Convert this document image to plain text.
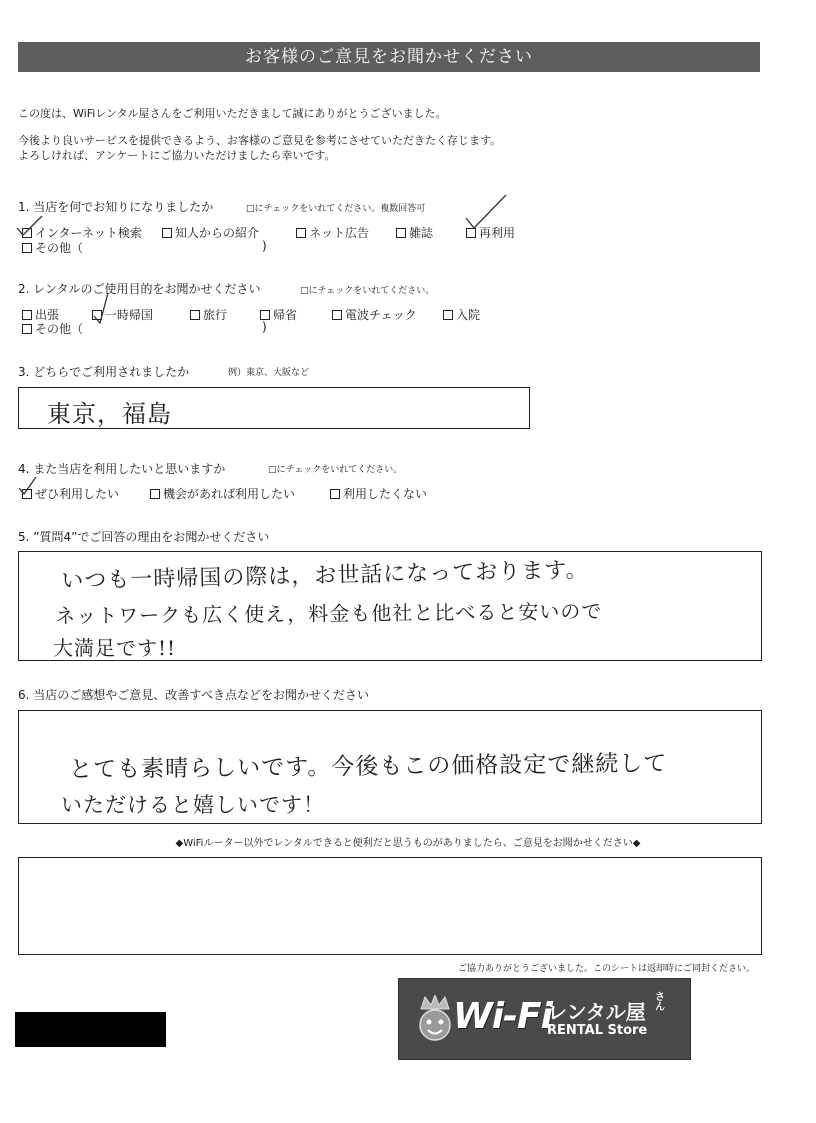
お客様のご意見をお聞かせください
この度は、WiFiレンタル屋さんをご利用いただきまして誠にありがとうございました。
今後より良いサービスを提供できるよう、お客様のご意見を参考にさせていただきたく存じます。
よろしければ、アンケートにご協力いただけましたら幸いです。
1. 当店を何でお知りになりましたか	□にチェックをいれてください。複数回答可
インターネット検索	知人からの紹介	ネット広告	雑誌	再利用
その他（	)
2. レンタルのご使用目的をお聞かせください	□にチェックをいれてください。
出張	一時帰国	旅行	帰省	電波チェック	入院
その他（	)
3. どちらでご利用されましたか	例）東京、大阪など
東京，福島
4. また当店を利用したいと思いますか	□にチェックをいれてください。
ぜひ利用したい	機会があれば利用したい	利用したくない
5. ”質問4”でご回答の理由をお聞かせください
いつも一時帰国の際は，お世話になっております。
ネットワークも広く使え，料金も他社と比べると安いので
大満足です!!
6. 当店のご感想やご意見、改善すべき点などをお聞かせください
とても素晴らしいです。今後もこの価格設定で継続して
いただけると嬉しいです！
◆WiFiルーター以外でレンタルできると便利だと思うものがありましたら、ご意見をお聞かせください◆
ご協力ありがとうございました。このシートは返却時にご同封ください。
Wi-Fi
レンタル屋
さん
RENTAL Store
